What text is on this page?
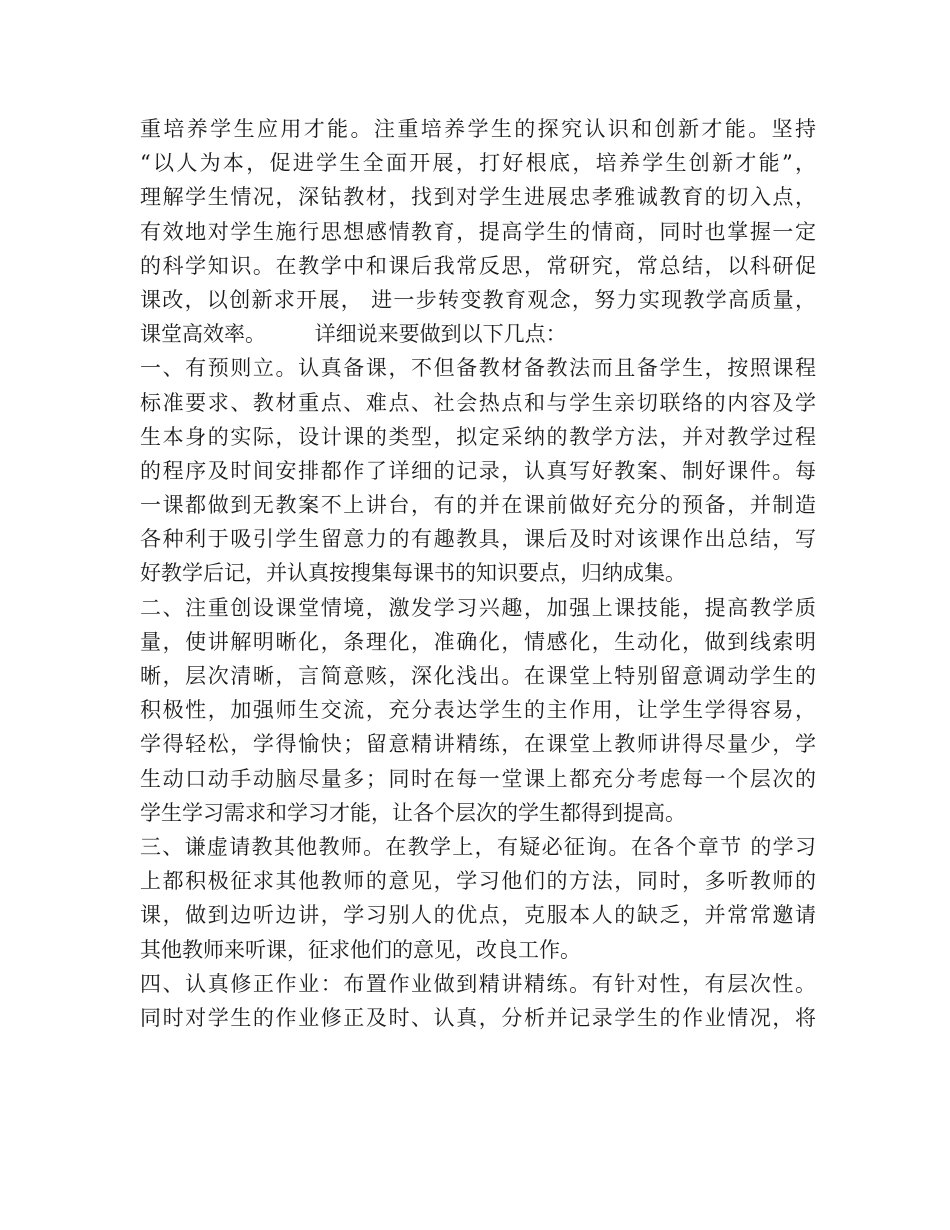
重培养学生应用才能。注重培养学生的探究认识和创新才能。坚持
“以人为本，促进学生全面开展，打好根底，培养学生创新才能”，
理解学生情况，深钻教材，找到对学生进展忠孝雅诚教育的切入点，
有效地对学生施行思想感情教育，提高学生的情商，同时也掌握一定
的科学知识。在教学中和课后我常反思，常研究，常总结，以科研促
课改，以创新求开展， 进一步转变教育观念，努力实现教学高质量，
课堂高效率。 　　详细说来要做到以下几点：
一、有预则立。认真备课，不但备教材备教法而且备学生，按照课程
标准要求、教材重点、难点、社会热点和与学生亲切联络的内容及学
生本身的实际，设计课的类型，拟定采纳的教学方法，并对教学过程
的程序及时间安排都作了详细的记录，认真写好教案、制好课件。每
一课都做到无教案不上讲台，有的并在课前做好充分的预备，并制造
各种利于吸引学生留意力的有趣教具，课后及时对该课作出总结，写
好教学后记，并认真按搜集每课书的知识要点，归纳成集。
二、注重创设课堂情境，激发学习兴趣，加强上课技能，提高教学质
量，使讲解明晰化，条理化，准确化，情感化，生动化，做到线索明
晰，层次清晰，言简意赅，深化浅出。在课堂上特别留意调动学生的
积极性，加强师生交流，充分表达学生的主作用，让学生学得容易，
学得轻松，学得愉快；留意精讲精练，在课堂上教师讲得尽量少，学
生动口动手动脑尽量多；同时在每一堂课上都充分考虑每一个层次的
学生学习需求和学习才能，让各个层次的学生都得到提高。
三、谦虚请教其他教师。在教学上，有疑必征询。在各个章节 的学习
上都积极征求其他教师的意见，学习他们的方法，同时，多听教师的
课，做到边听边讲，学习别人的优点，克服本人的缺乏，并常常邀请
其他教师来听课，征求他们的意见，改良工作。
四、认真修正作业：布置作业做到精讲精练。有针对性，有层次性。
同时对学生的作业修正及时、认真，分析并记录学生的作业情况，将
